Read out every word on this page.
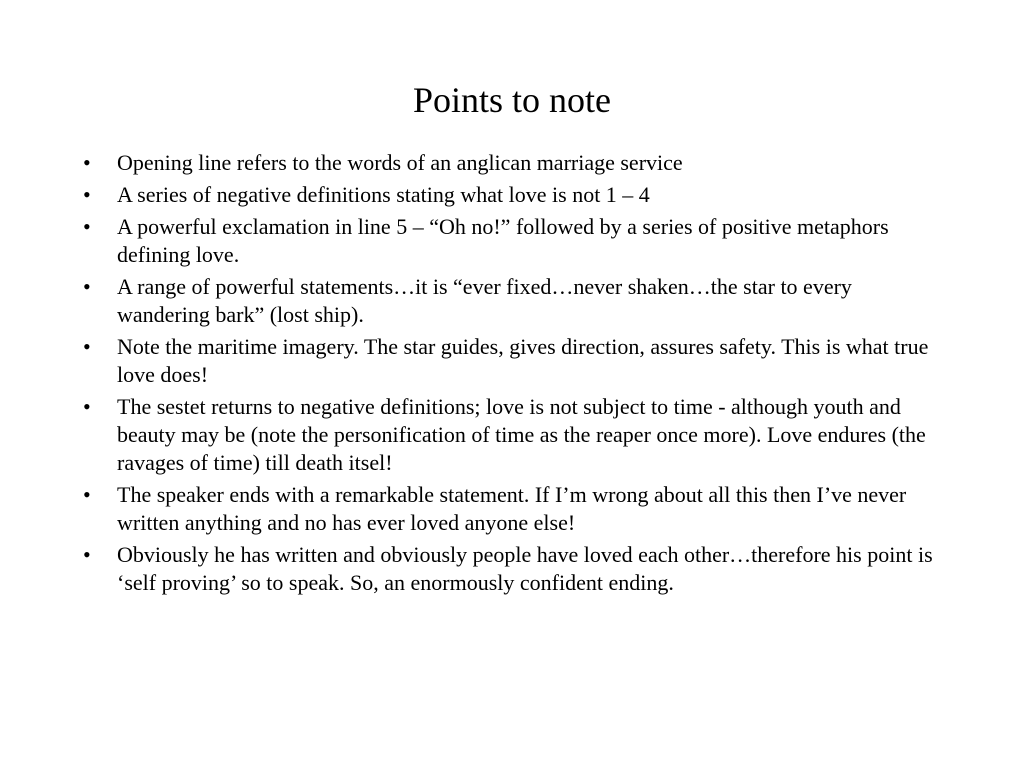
Points to note
•	Opening line refers to the words of an anglican marriage service
•	A series of negative definitions stating what love is not 1 – 4
•	A powerful exclamation in line 5 – “Oh no!” followed by a series of positive metaphors defining love.
•	A range of powerful statements…it is “ever fixed…never shaken…the star to every wandering bark” (lost ship).
•	Note the maritime imagery. The star guides, gives direction, assures safety. This is what true love does!
•	The sestet returns to negative definitions; love is not subject to time - although youth and beauty may be (note the personification of time as the reaper once more). Love endures (the ravages of time) till death itsel!
•	The speaker ends with a remarkable statement. If I’m wrong about all this then I’ve never written anything and no has ever loved anyone else!
•	Obviously he has written and obviously people have loved each other…therefore his point is ‘self proving’ so to speak. So, an enormously confident ending.
